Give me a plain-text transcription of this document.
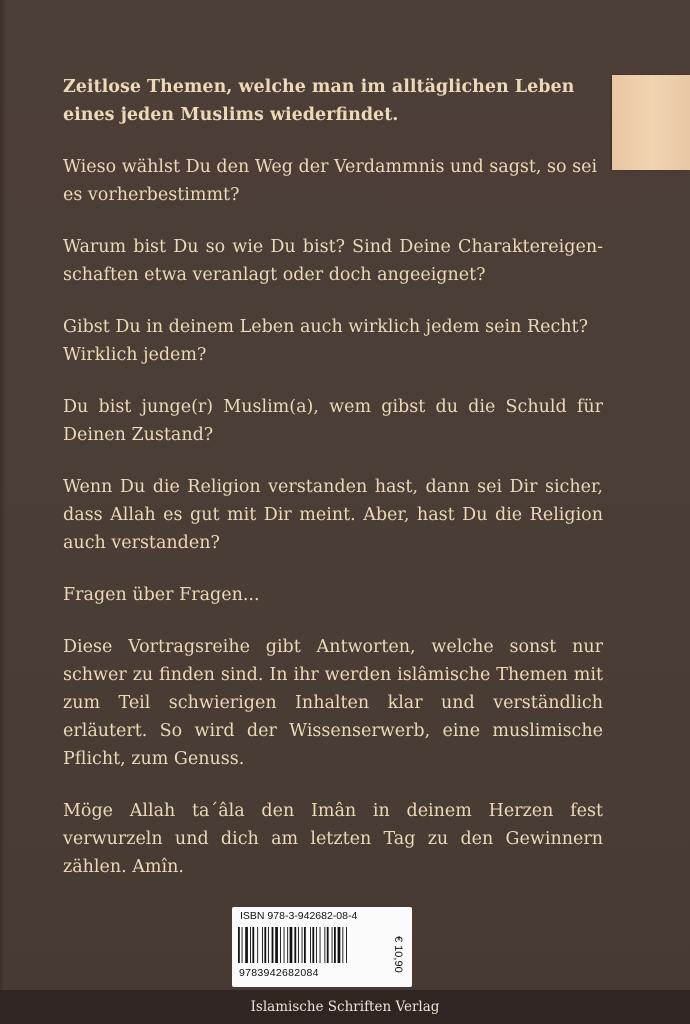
Zeitlose Themen, welche man im alltäglichen Leben eines jeden Muslims wiederfindet.

Wieso wählst Du den Weg der Verdammnis und sagst, so sei es vorherbestimmt?

Warum bist Du so wie Du bist? Sind Deine Charaktereigen-schaften etwa veranlagt oder doch angeeignet?

Gibst Du in deinem Leben auch wirklich jedem sein Recht? Wirklich jedem?

Du bist junge(r) Muslim(a), wem gibst du die Schuld für Deinen Zustand?

Wenn Du die Religion verstanden hast, dann sei Dir sicher, dass Allah es gut mit Dir meint. Aber, hast Du die Religion auch verstanden?

Fragen über Fragen...

Diese Vortragsreihe gibt Antworten, welche sonst nur schwer zu finden sind. In ihr werden islâmische Themen mit zum Teil schwierigen Inhalten klar und verständlich erläutert. So wird der Wissenserwerb, eine muslimische Pflicht, zum Genuss.

Möge Allah ta´âla den Imân in deinem Herzen fest verwurzeln und dich am letzten Tag zu den Gewinnern zählen. Amîn.

ISBN 978-3-942682-08-4
9783942682084
€ 10,90
Islamische Schriften Verlag
